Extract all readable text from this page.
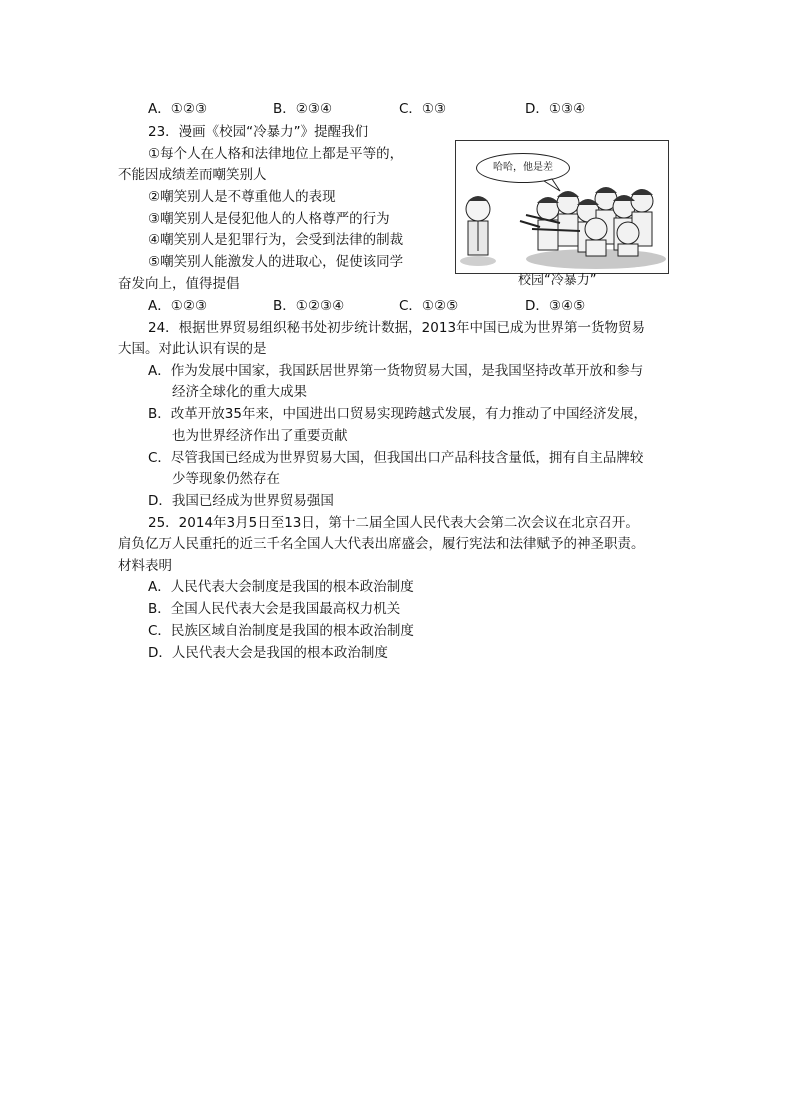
A．①②③	B．②③④	C．①③	D．①③④
23．漫画《校园“冷暴力”》提醒我们
①每个人在人格和法律地位上都是平等的，
不能因成绩差而嘲笑别人
②嘲笑别人是不尊重他人的表现
③嘲笑别人是侵犯他人的人格尊严的行为
④嘲笑别人是犯罪行为，会受到法律的制裁
⑤嘲笑别人能激发人的进取心，促使该同学
奋发向上，值得提倡
哈哈，他是差
校园“冷暴力”
A．①②③	B．①②③④	C．①②⑤	D．③④⑤
24．根据世界贸易组织秘书处初步统计数据，2013年中国已成为世界第一货物贸易
大国。对此认识有误的是
A．作为发展中国家，我国跃居世界第一货物贸易大国，是我国坚持改革开放和参与
经济全球化的重大成果
B．改革开放35年来，中国进出口贸易实现跨越式发展，有力推动了中国经济发展，
也为世界经济作出了重要贡献
C．尽管我国已经成为世界贸易大国，但我国出口产品科技含量低，拥有自主品牌较
少等现象仍然存在
D．我国已经成为世界贸易强国
25．2014年3月5日至13日，第十二届全国人民代表大会第二次会议在北京召开。
肩负亿万人民重托的近三千名全国人大代表出席盛会，履行宪法和法律赋予的神圣职责。
材料表明
A．人民代表大会制度是我国的根本政治制度
B．全国人民代表大会是我国最高权力机关
C．民族区域自治制度是我国的根本政治制度
D．人民代表大会是我国的根本政治制度
